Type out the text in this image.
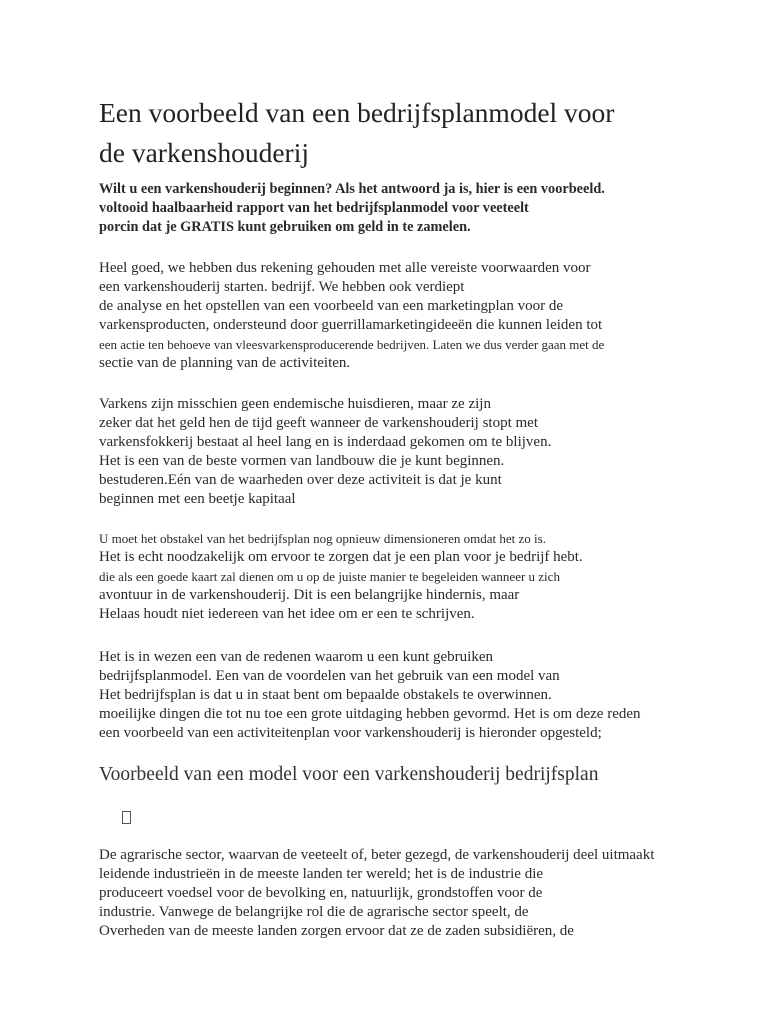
Een voorbeeld van een bedrijfsplanmodel voor
de varkenshouderij
Wilt u een varkenshouderij beginnen? Als het antwoord ja is, hier is een voorbeeld.
voltooid haalbaarheid rapport van het bedrijfsplanmodel voor veeteelt
porcin dat je GRATIS kunt gebruiken om geld in te zamelen.
Heel goed, we hebben dus rekening gehouden met alle vereiste voorwaarden voor
een varkenshouderij starten. bedrijf. We hebben ook verdiept
de analyse en het opstellen van een voorbeeld van een marketingplan voor de
varkensproducten, ondersteund door guerrillamarketingideeën die kunnen leiden tot
een actie ten behoeve van vleesvarkensproducerende bedrijven. Laten we dus verder gaan met de
sectie van de planning van de activiteiten.
Varkens zijn misschien geen endemische huisdieren, maar ze zijn
zeker dat het geld hen de tijd geeft wanneer de varkenshouderij stopt met
varkensfokkerij bestaat al heel lang en is inderdaad gekomen om te blijven.
Het is een van de beste vormen van landbouw die je kunt beginnen.
bestuderen.Eén van de waarheden over deze activiteit is dat je kunt
beginnen met een beetje kapitaal
U moet het obstakel van het bedrijfsplan nog opnieuw dimensioneren omdat het zo is.
Het is echt noodzakelijk om ervoor te zorgen dat je een plan voor je bedrijf hebt.
die als een goede kaart zal dienen om u op de juiste manier te begeleiden wanneer u zich
avontuur in de varkenshouderij. Dit is een belangrijke hindernis, maar
Helaas houdt niet iedereen van het idee om er een te schrijven.
Het is in wezen een van de redenen waarom u een kunt gebruiken
bedrijfsplanmodel. Een van de voordelen van het gebruik van een model van
Het bedrijfsplan is dat u in staat bent om bepaalde obstakels te overwinnen.
moeilijke dingen die tot nu toe een grote uitdaging hebben gevormd. Het is om deze reden
een voorbeeld van een activiteitenplan voor varkenshouderij is hieronder opgesteld;
Voorbeeld van een model voor een varkenshouderij bedrijfsplan
De agrarische sector, waarvan de veeteelt of, beter gezegd, de varkenshouderij deel uitmaakt
leidende industrieën in de meeste landen ter wereld; het is de industrie die
produceert voedsel voor de bevolking en, natuurlijk, grondstoffen voor de
industrie. Vanwege de belangrijke rol die de agrarische sector speelt, de
Overheden van de meeste landen zorgen ervoor dat ze de zaden subsidiëren, de
